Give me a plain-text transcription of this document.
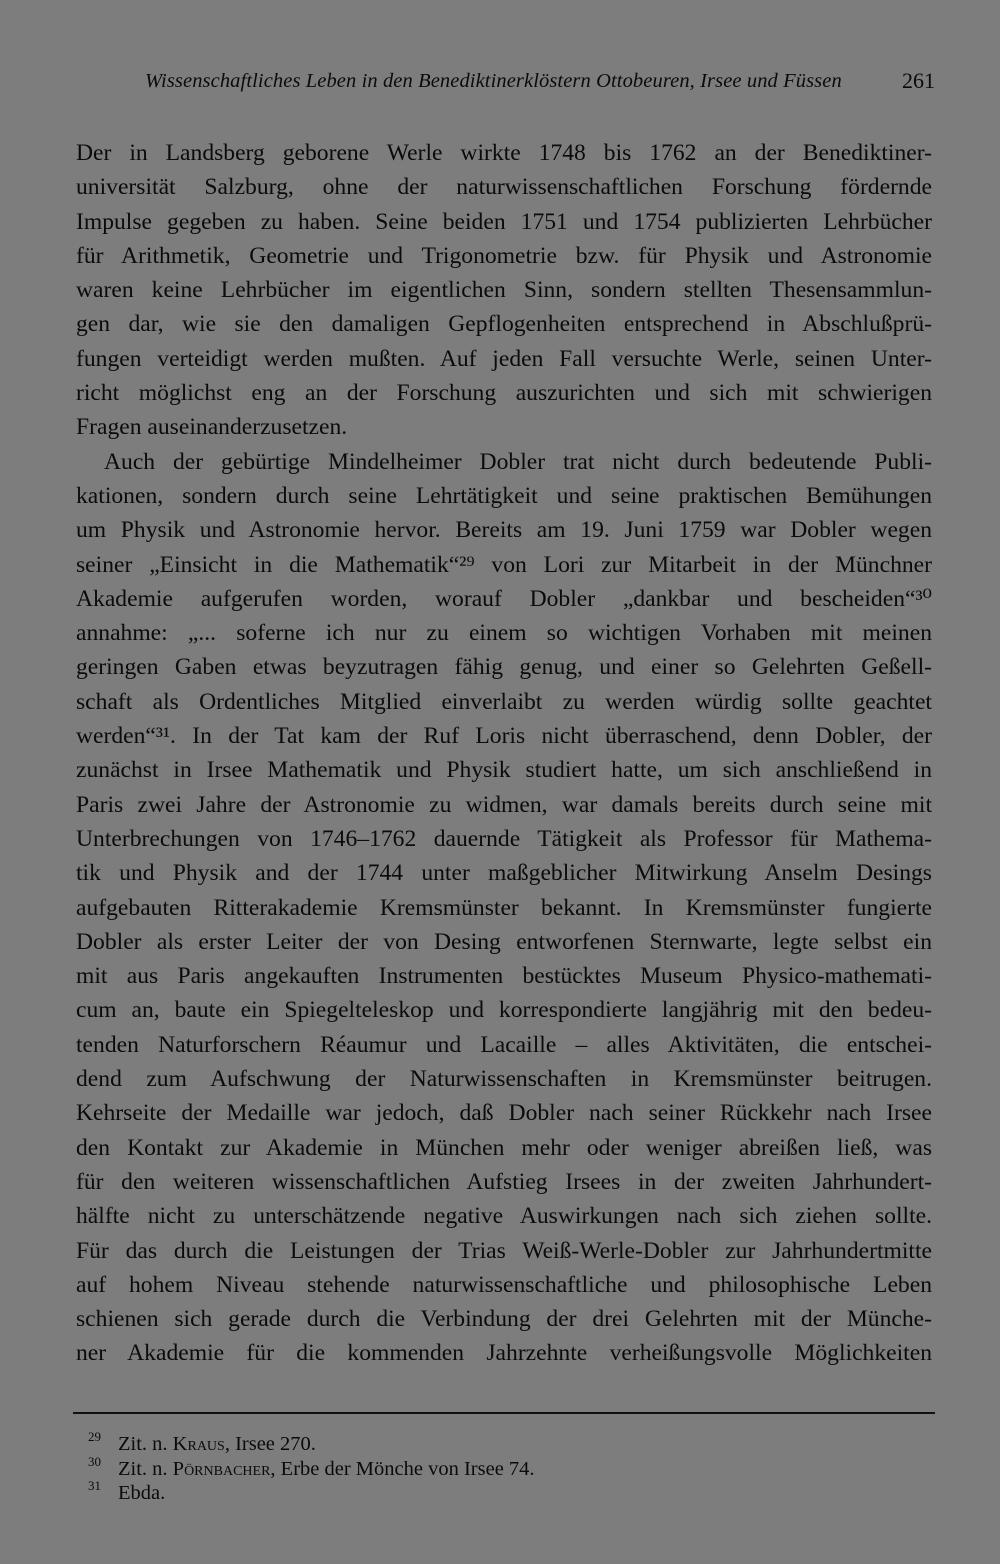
Wissenschaftliches Leben in den Benediktinerklöstern Ottobeuren, Irsee und Füssen	261
Der in Landsberg geborene Werle wirkte 1748 bis 1762 an der Benediktiner-
universität Salzburg, ohne der naturwissenschaftlichen Forschung fördernde
Impulse gegeben zu haben. Seine beiden 1751 und 1754 publizierten Lehrbücher
für Arithmetik, Geometrie und Trigonometrie bzw. für Physik und Astronomie
waren keine Lehrbücher im eigentlichen Sinn, sondern stellten Thesensammlun-
gen dar, wie sie den damaligen Gepflogenheiten entsprechend in Abschlußprü-
fungen verteidigt werden mußten. Auf jeden Fall versuchte Werle, seinen Unter-
richt möglichst eng an der Forschung auszurichten und sich mit schwierigen
Fragen auseinanderzusetzen.
Auch der gebürtige Mindelheimer Dobler trat nicht durch bedeutende Publi-
kationen, sondern durch seine Lehrtätigkeit und seine praktischen Bemühungen
um Physik und Astronomie hervor. Bereits am 19. Juni 1759 war Dobler wegen
seiner „Einsicht in die Mathematik“²⁹ von Lori zur Mitarbeit in der Münchner
Akademie aufgerufen worden, worauf Dobler „dankbar und bescheiden“³⁰
annahme: „... soferne ich nur zu einem so wichtigen Vorhaben mit meinen
geringen Gaben etwas beyzutragen fähig genug, und einer so Gelehrten Geßell-
schaft als Ordentliches Mitglied einverlaibt zu werden würdig sollte geachtet
werden“³¹. In der Tat kam der Ruf Loris nicht überraschend, denn Dobler, der
zunächst in Irsee Mathematik und Physik studiert hatte, um sich anschließend in
Paris zwei Jahre der Astronomie zu widmen, war damals bereits durch seine mit
Unterbrechungen von 1746–1762 dauernde Tätigkeit als Professor für Mathema-
tik und Physik and der 1744 unter maßgeblicher Mitwirkung Anselm Desings
aufgebauten Ritterakademie Kremsmünster bekannt. In Kremsmünster fungierte
Dobler als erster Leiter der von Desing entworfenen Sternwarte, legte selbst ein
mit aus Paris angekauften Instrumenten bestücktes Museum Physico-mathemati-
cum an, baute ein Spiegelteleskop und korrespondierte langjährig mit den bedeu-
tenden Naturforschern Réaumur und Lacaille – alles Aktivitäten, die entschei-
dend zum Aufschwung der Naturwissenschaften in Kremsmünster beitrugen.
Kehrseite der Medaille war jedoch, daß Dobler nach seiner Rückkehr nach Irsee
den Kontakt zur Akademie in München mehr oder weniger abreißen ließ, was
für den weiteren wissenschaftlichen Aufstieg Irsees in der zweiten Jahrhundert-
hälfte nicht zu unterschätzende negative Auswirkungen nach sich ziehen sollte.
Für das durch die Leistungen der Trias Weiß-Werle-Dobler zur Jahrhundertmitte
auf hohem Niveau stehende naturwissenschaftliche und philosophische Leben
schienen sich gerade durch die Verbindung der drei Gelehrten mit der Münche-
ner Akademie für die kommenden Jahrzehnte verheißungsvolle Möglichkeiten
29 Zit. n. Kraus, Irsee 270.
30 Zit. n. Pörnbacher, Erbe der Mönche von Irsee 74.
31 Ebda.
